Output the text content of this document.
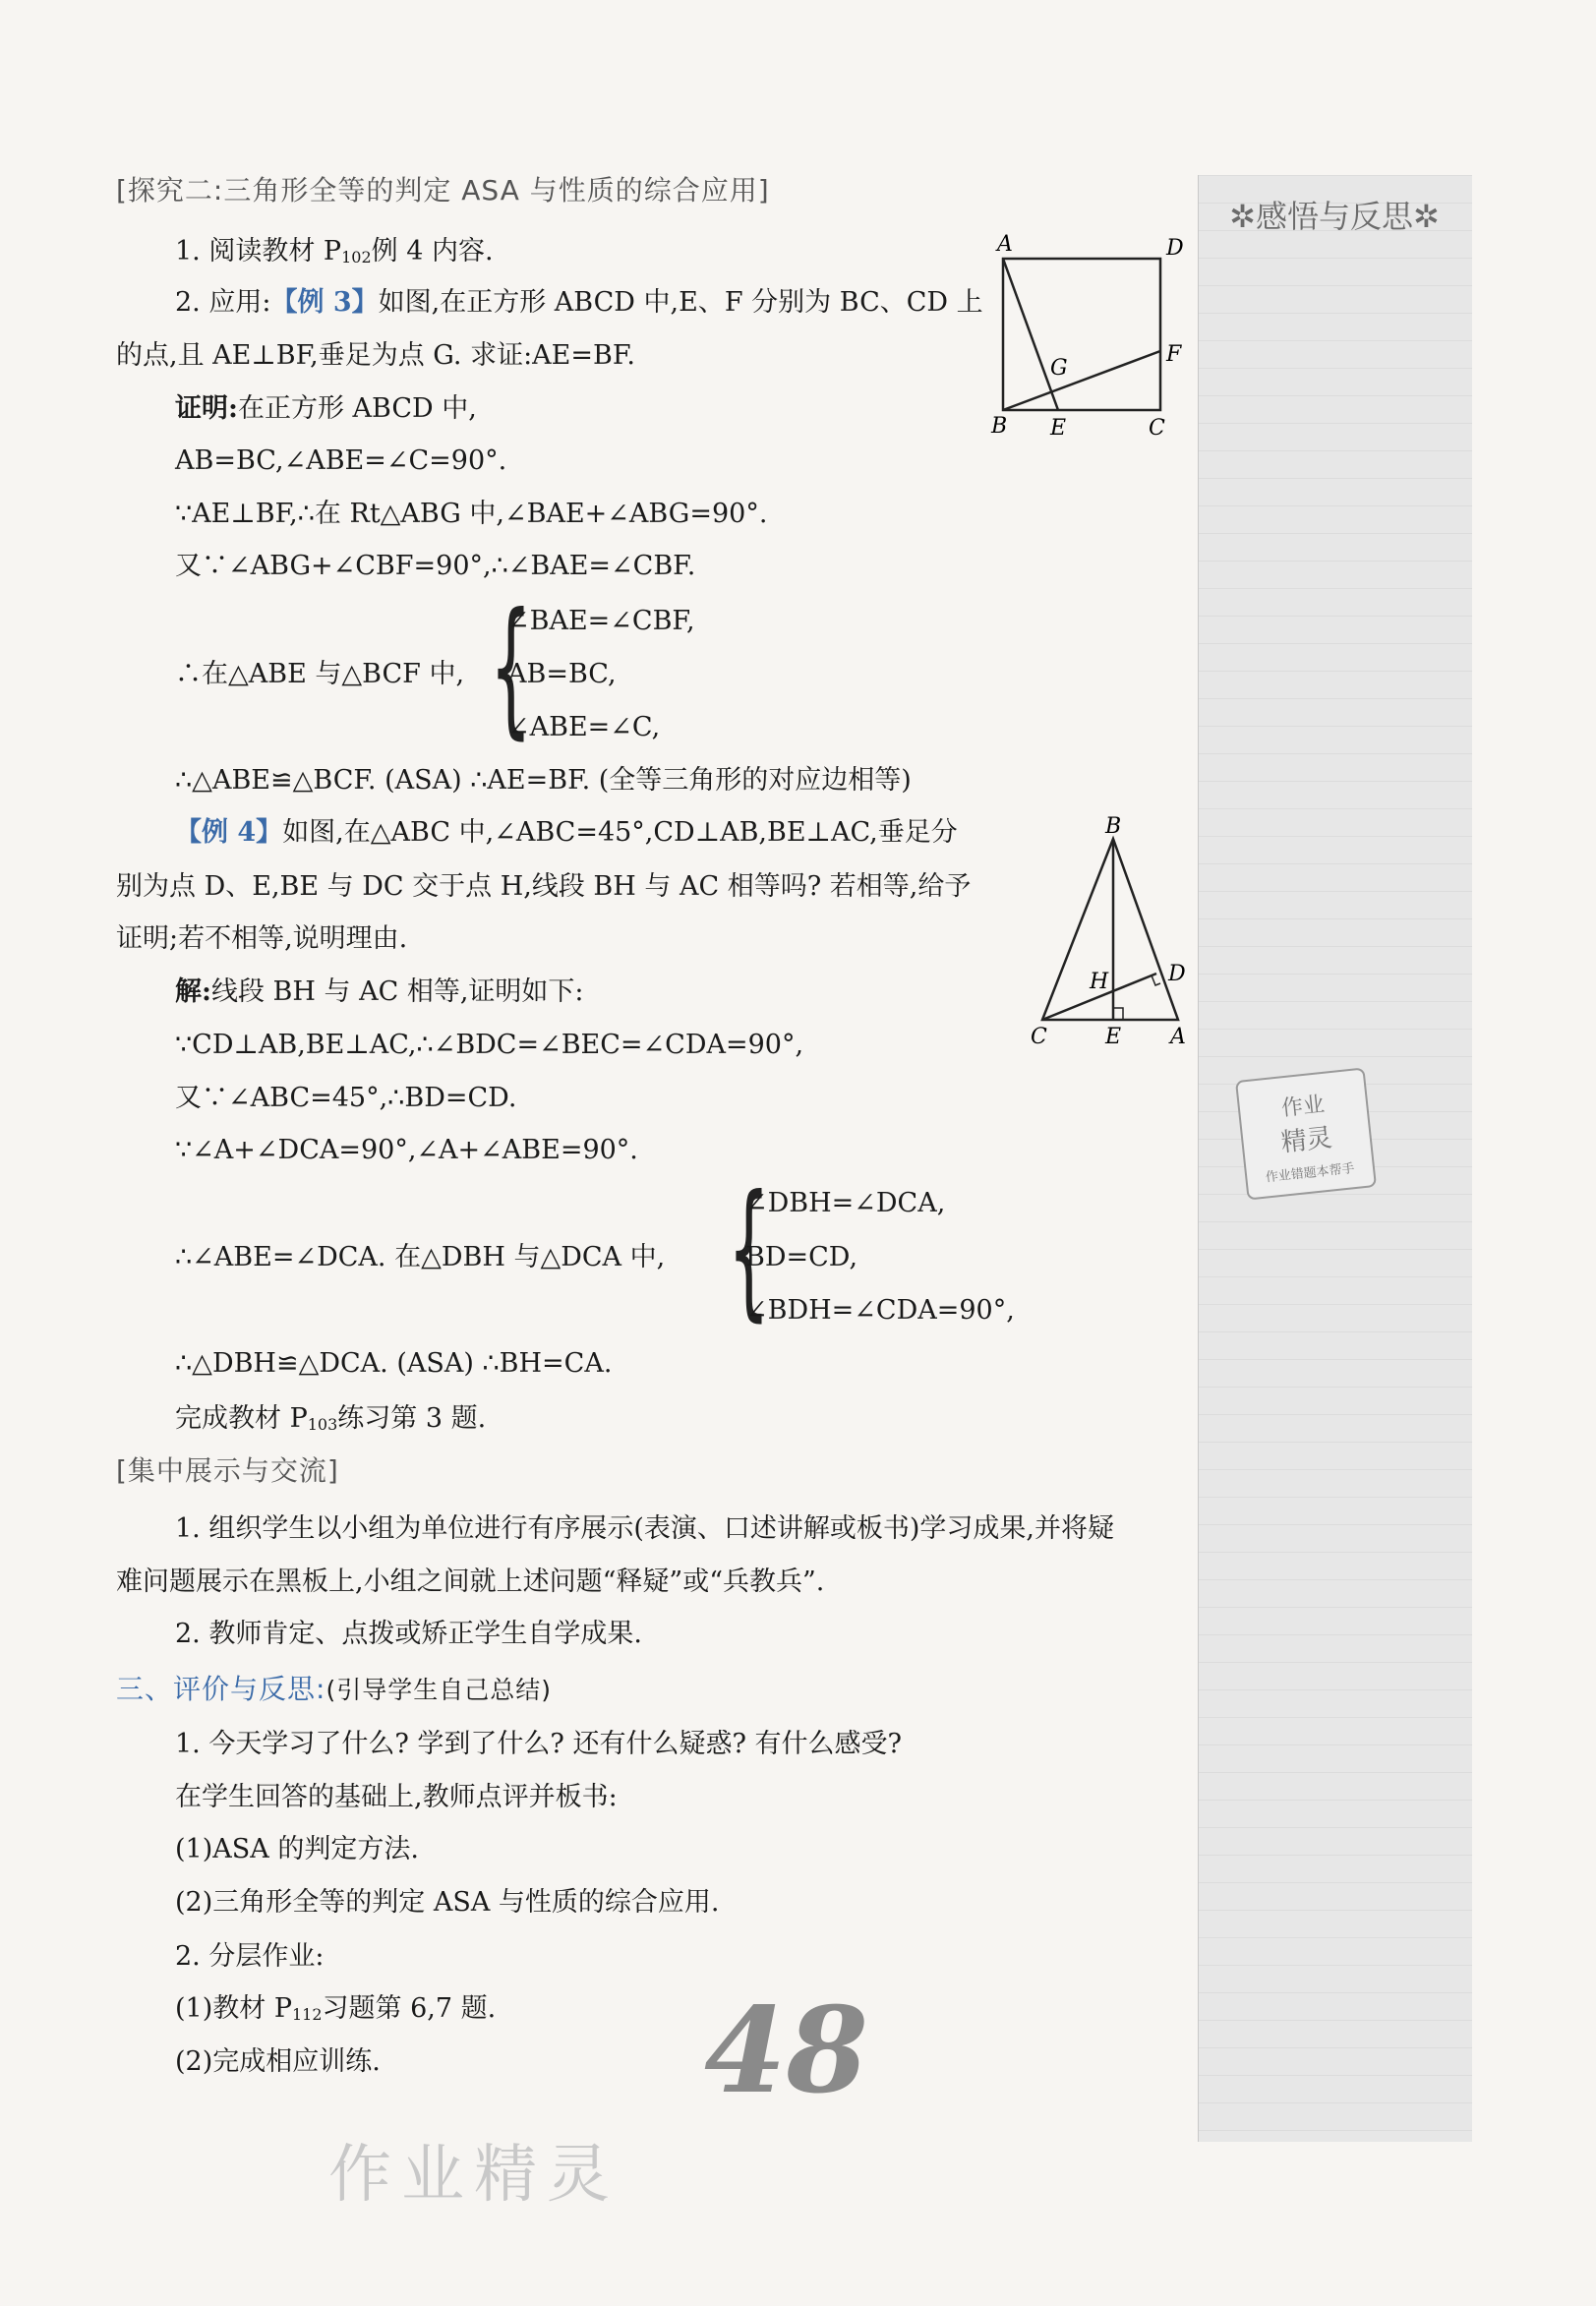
✲感悟与反思✲
作业
精灵
作业错题本帮手
[探究二:三角形全等的判定 ASA 与性质的综合应用]
1. 阅读教材 $P_{102}$例 4 内容.
2. 应用:【例 3】如图,在正方形 ABCD 中,E、F 分别为 BC、CD 上
的点,且 AE⊥BF,垂足为点 G. 求证:AE=BF.
证明:在正方形 ABCD 中,
AB=BC,∠ABE=∠C=90°.
∵AE⊥BF,∴在 Rt△ABG 中,∠BAE+∠ABG=90°.
又∵∠ABG+∠CBF=90°,∴∠BAE=∠CBF.
∴在△ABE 与△BCF 中, {
∠BAE=∠CBF,
AB=BC,
∠ABE=∠C,
∴△ABE≌△BCF. (ASA) ∴AE=BF. (全等三角形的对应边相等)
A	D
G
F
B E	C
【例 4】如图,在△ABC 中,∠ABC=45°,CD⊥AB,BE⊥AC,垂足分
别为点 D、E,BE 与 DC 交于点 H,线段 BH 与 AC 相等吗? 若相等,给予
证明;若不相等,说明理由.
B
D
H
C	E A
解:线段 BH 与 AC 相等,证明如下:
∵CD⊥AB,BE⊥AC,∴∠BDC=∠BEC=∠CDA=90°,
又∵∠ABC=45°,∴BD=CD.
∵∠A+∠DCA=90°,∠A+∠ABE=90°.
∴∠ABE=∠DCA. 在△DBH 与△DCA 中, {
∠DBH=∠DCA,
BD=CD,
∠BDH=∠CDA=90°,
∴△DBH≌△DCA. (ASA) ∴BH=CA.
完成教材 $P_{103}$练习第 3 题.
[集中展示与交流]
1. 组织学生以小组为单位进行有序展示(表演、口述讲解或板书)学习成果,并将疑
难问题展示在黑板上,小组之间就上述问题“释疑”或“兵教兵”.
2. 教师肯定、点拨或矫正学生自学成果.
三、评价与反思:(引导学生自己总结)
1. 今天学习了什么? 学到了什么? 还有什么疑惑? 有什么感受?
在学生回答的基础上,教师点评并板书:
(1)ASA 的判定方法.
(2)三角形全等的判定 ASA 与性质的综合应用.
2. 分层作业:
(1)教材 $P_{112}$习题第 6,7 题.
(2)完成相应训练.	48
作业精灵
